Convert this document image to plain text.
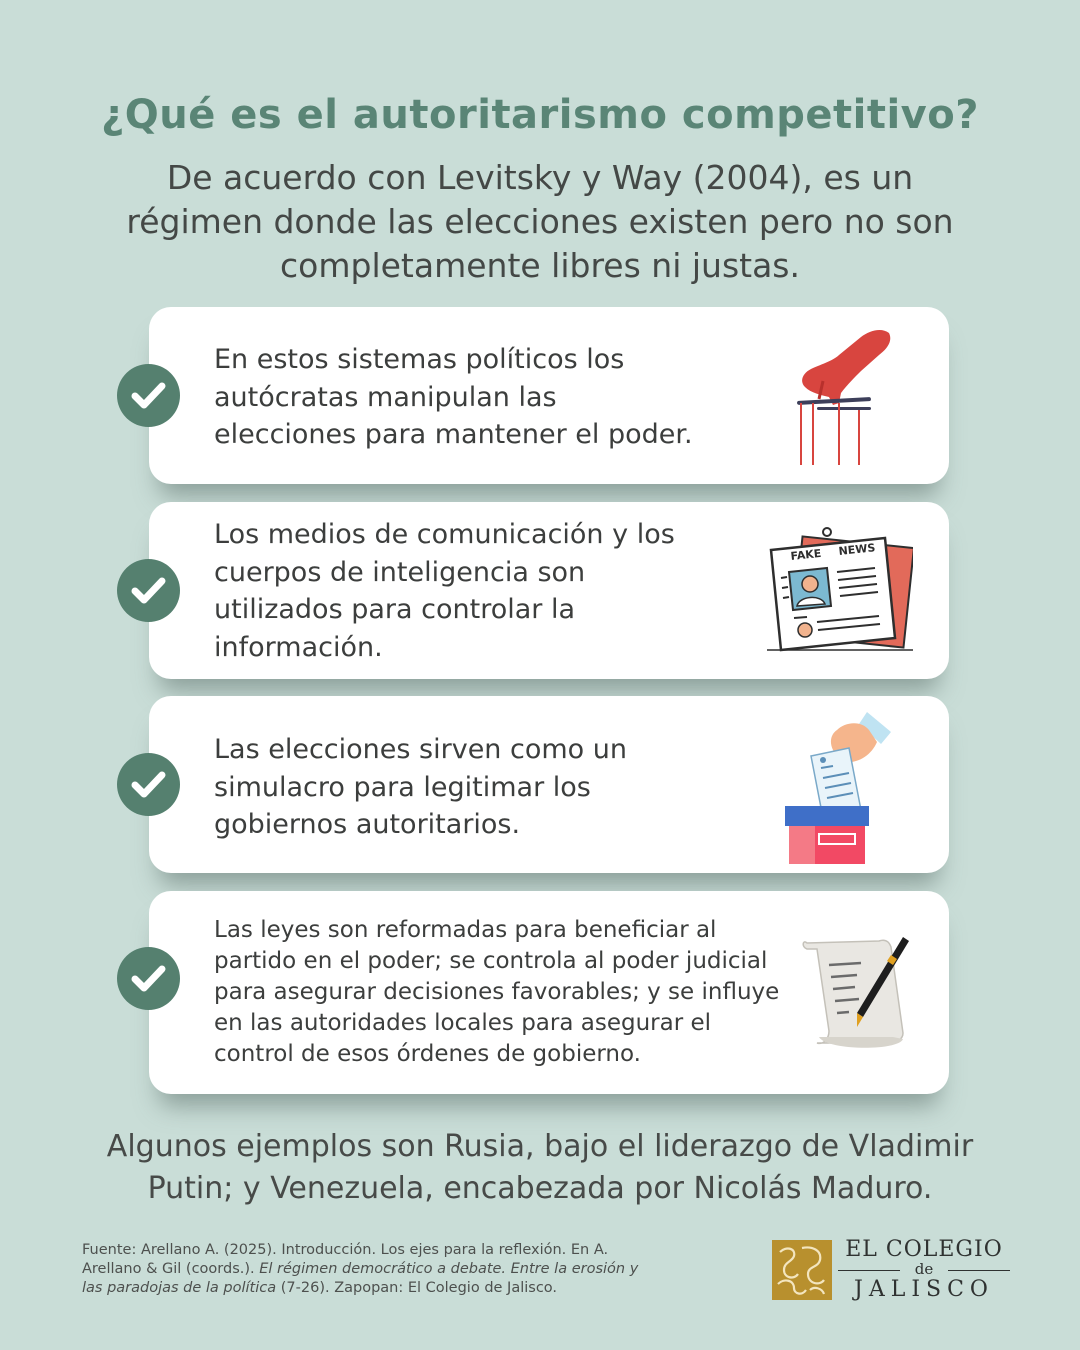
¿Qué es el autoritarismo competitivo?
De acuerdo con Levitsky y Way (2004), es un
régimen donde las elecciones existen pero no son
completamente libres ni justas.
En estos sistemas políticos los
autócratas manipulan las
elecciones para mantener el poder.
Los medios de comunicación y los
cuerpos de inteligencia son
utilizados para controlar la
información.
FAKE NEWS
Las elecciones sirven como un
simulacro para legitimar los
gobiernos autoritarios.
Las leyes son reformadas para beneficiar al
partido en el poder; se controla al poder judicial
para asegurar decisiones favorables; y se influye
en las autoridades locales para asegurar el
control de esos órdenes de gobierno.
Algunos ejemplos son Rusia, bajo el liderazgo de Vladimir
Putin; y Venezuela, encabezada por Nicolás Maduro.
Fuente: Arellano A. (2025). Introducción. Los ejes para la reflexión. En A.
Arellano & Gil (coords.). El régimen democrático a debate. Entre la erosión y
las paradojas de la política (7-26). Zapopan: El Colegio de Jalisco.
EL COLEGIO
de
JALISCO
